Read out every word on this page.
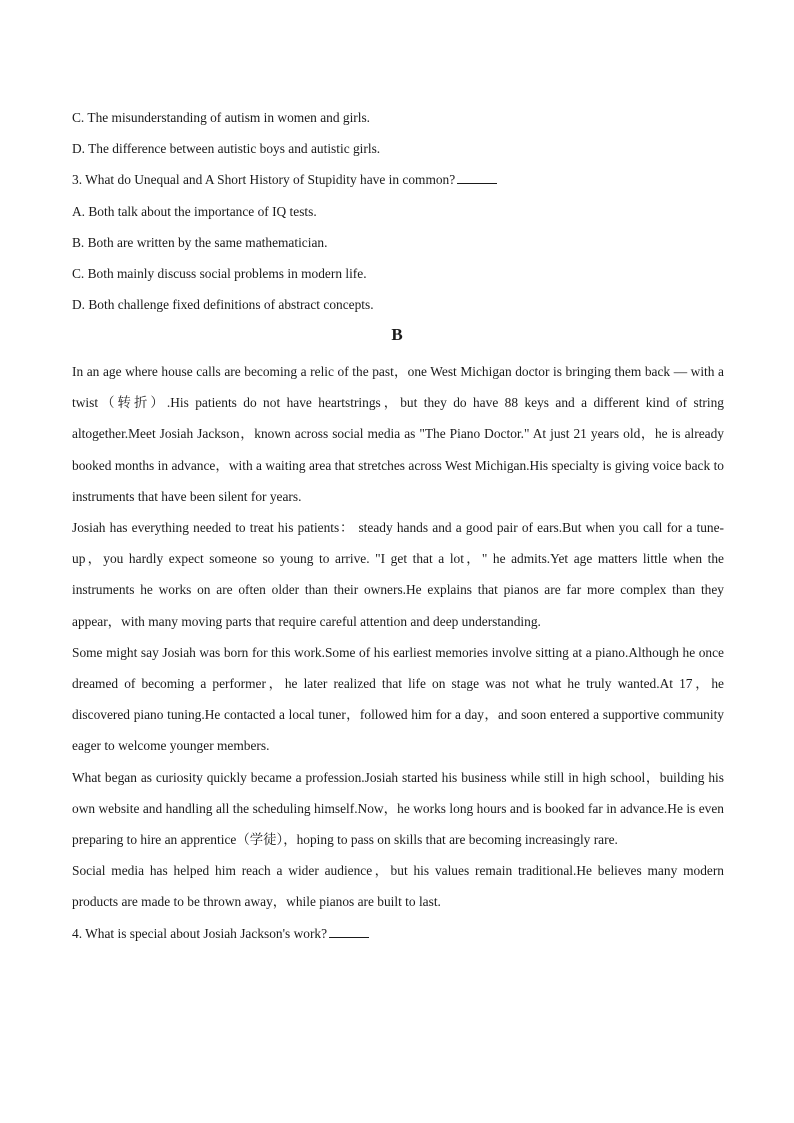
C. The misunderstanding of autism in women and girls.
D. The difference between autistic boys and autistic girls.
3. What do Unequal and A Short History of Stupidity have in common?
A. Both talk about the importance of IQ tests.
B. Both are written by the same mathematician.
C. Both mainly discuss social problems in modern life.
D. Both challenge fixed definitions of abstract concepts.
B

In an age where house calls are becoming a relic of the past，one West Michigan doctor is bringing them back — with a twist（转折）.His patients do not have heartstrings，but they do have 88 keys and a different kind of string altogether.Meet Josiah Jackson，known across social media as "The Piano Doctor." At just 21 years old，he is already booked months in advance，with a waiting area that stretches across West Michigan.His specialty is giving voice back to instruments that have been silent for years.

Josiah has everything needed to treat his patients： steady hands and a good pair of ears.But when you call for a tune-up，you hardly expect someone so young to arrive. "I get that a lot，" he admits.Yet age matters little when the instruments he works on are often older than their owners.He explains that pianos are far more complex than they appear，with many moving parts that require careful attention and deep understanding.

Some might say Josiah was born for this work.Some of his earliest memories involve sitting at a piano.Although he once dreamed of becoming a performer，he later realized that life on stage was not what he truly wanted.At 17，he discovered piano tuning.He contacted a local tuner，followed him for a day，and soon entered a supportive community eager to welcome younger members.

What began as curiosity quickly became a profession.Josiah started his business while still in high school，building his own website and handling all the scheduling himself.Now，he works long hours and is booked far in advance.He is even preparing to hire an apprentice（学徒），hoping to pass on skills that are becoming increasingly rare.

Social media has helped him reach a wider audience，but his values remain traditional.He believes many modern products are made to be thrown away，while pianos are built to last.

4. What is special about Josiah Jackson's work?
